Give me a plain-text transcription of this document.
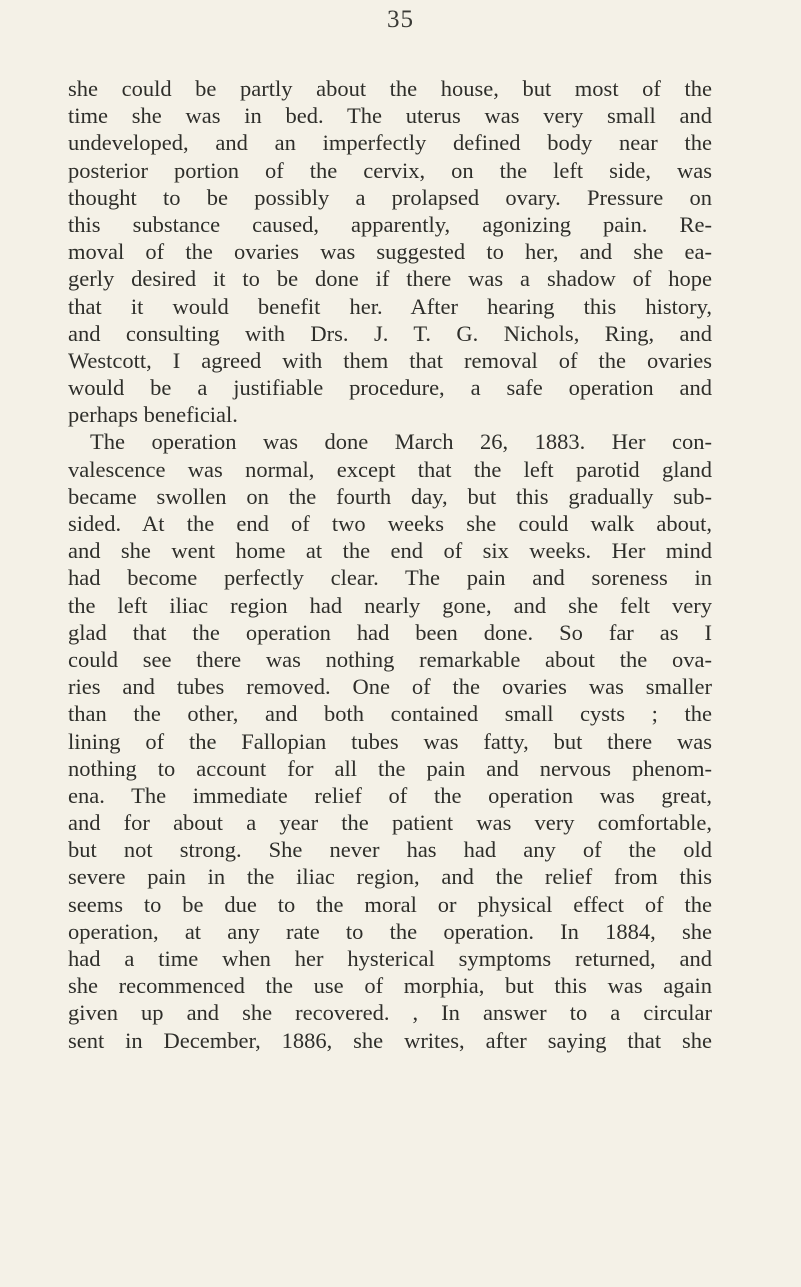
35
she could be partly about the house, but most of the
time she was in bed. The uterus was very small and
undeveloped, and an imperfectly defined body near the
posterior portion of the cervix, on the left side, was
thought to be possibly a prolapsed ovary. Pressure on
this substance caused, apparently, agonizing pain. Re-
moval of the ovaries was suggested to her, and she ea-
gerly desired it to be done if there was a shadow of hope
that it would benefit her. After hearing this history,
and consulting with Drs. J. T. G. Nichols, Ring, and
Westcott, I agreed with them that removal of the ovaries
would be a justifiable procedure, a safe operation and
perhaps beneficial.
The operation was done March 26, 1883. Her con-
valescence was normal, except that the left parotid gland
became swollen on the fourth day, but this gradually sub-
sided. At the end of two weeks she could walk about,
and she went home at the end of six weeks. Her mind
had become perfectly clear. The pain and soreness in
the left iliac region had nearly gone, and she felt very
glad that the operation had been done. So far as I
could see there was nothing remarkable about the ova-
ries and tubes removed. One of the ovaries was smaller
than the other, and both contained small cysts ; the
lining of the Fallopian tubes was fatty, but there was
nothing to account for all the pain and nervous phenom-
ena. The immediate relief of the operation was great,
and for about a year the patient was very comfortable,
but not strong. She never has had any of the old
severe pain in the iliac region, and the relief from this
seems to be due to the moral or physical effect of the
operation, at any rate to the operation. In 1884, she
had a time when her hysterical symptoms returned, and
she recommenced the use of morphia, but this was again
given up and she recovered. , In answer to a circular
sent in December, 1886, she writes, after saying that she
